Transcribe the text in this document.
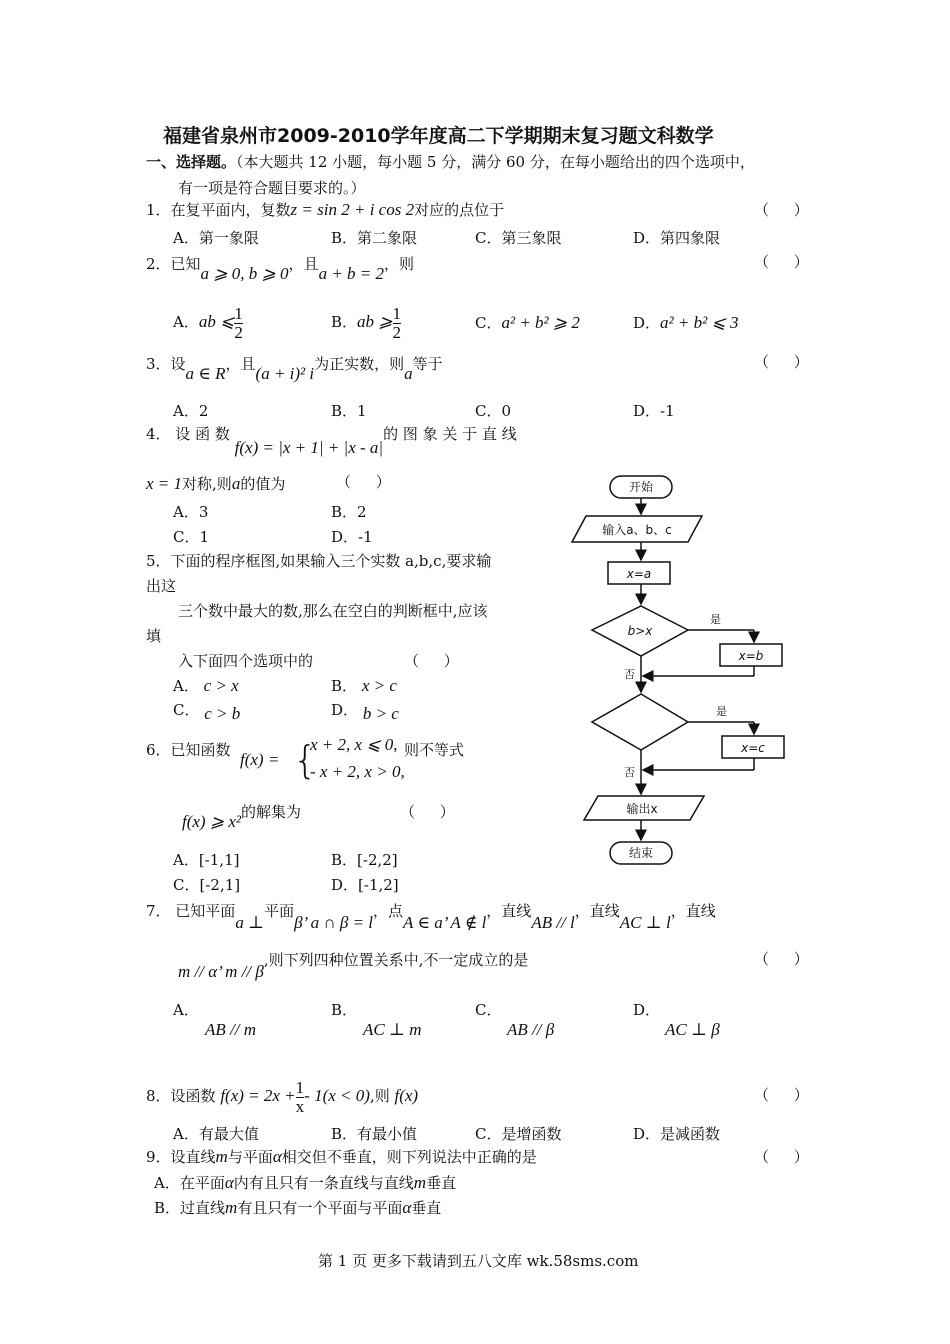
福建省泉州市2009-2010学年度高二下学期期末复习题文科数学
一、选择题。（本大题共 12 小题，每小题 5 分，满分 60 分，在每小题给出的四个选项中，
有一项是符合题目要求的。）
1．在复平面内，复数z = sin 2 + i cos 2对应的点位于	（ ）
A．第一象限	B．第二象限	C．第三象限	D．第四象限
2．已知a ⩾ 0, b ⩾ 0，且a + b = 2，则	（ ）
A．ab ⩽ $\frac{1}{2}$	B．ab ⩾ $\frac{1}{2}$	C．a² + b² ⩾ 2	D．a² + b² ⩽ 3
3．设a ∈ R，且(a + i)² i为正实数，则a等于	（ ）
A．2	B．1	C．0	D．-1
4． 设 函 数 f(x) = |x + 1| + |x - a|的 图 象 关 于 直 线
x = 1对称,则a的值为	（ ）
A．3	B．2
C．1	D．-1
5．下面的程序框图,如果输入三个实数 a,b,c,要求输
出这
三个数中最大的数,那么在空白的判断框中,应该
填
入下面四个选项中的	（ ）
A． c > x	B． x > c
C． c > b	D． b > c
开始
输入a、b、c
x=a
b>x
是
x=b
否
是
x=c
否
输出x
结束
6．已知函数 f(x) = {
x + 2, x ⩽ 0,
- x + 2, x > 0,
则不等式
f(x) ⩾ x²的解集为	（ ）
A．[-1,1]	B．[-2,2]
C．[-2,1]	D．[-1,2]
7． 已知平面a ⊥平面β’ a ∩ β = l，点A ∈ a’ A ∉ l，直线AB // l，直线AC ⊥ l，直线
m // α’ m // β,则下列四种位置关系中,不一定成立的是	（ ）
A．
AB // m
B．
AC ⊥ m
C．
AB // β
D．
AC ⊥ β
8．设函数 $f(x) = 2x + \frac{1}{x} - 1(x < 0)$,则 f(x)	（ ）
A．有最大值	B．有最小值	C．是增函数	D．是减函数
9．设直线m与平面α相交但不垂直，则下列说法中正确的是	（ ）
A．在平面α内有且只有一条直线与直线m垂直
B．过直线m有且只有一个平面与平面α垂直
第 1 页 更多下载请到五八文库 wk.58sms.com
